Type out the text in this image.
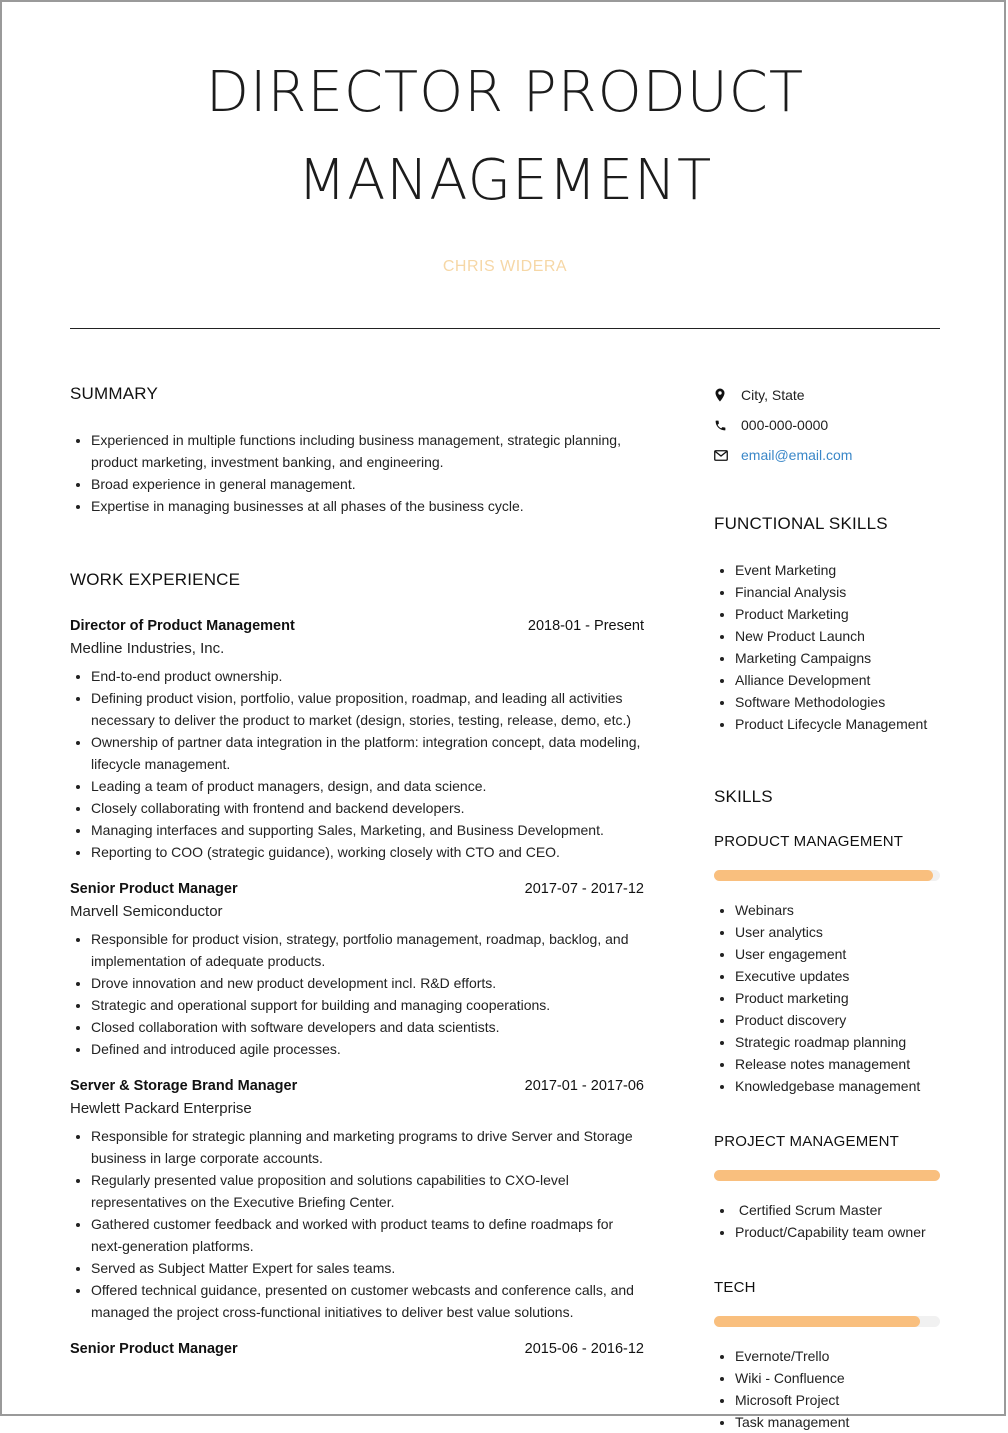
DIRECTOR PRODUCT
MANAGEMENT
CHRIS WIDERA
SUMMARY
• Experienced in multiple functions including business management, strategic planning, product marketing, investment banking, and engineering.
• Broad experience in general management.
• Expertise in managing businesses at all phases of the business cycle.
WORK EXPERIENCE
Director of Product Management	2018-01 - Present
Medline Industries, Inc.
• End-to-end product ownership.
• Defining product vision, portfolio, value proposition, roadmap, and leading all activities necessary to deliver the product to market (design, stories, testing, release, demo, etc.)
• Ownership of partner data integration in the platform: integration concept, data modeling, lifecycle management.
• Leading a team of product managers, design, and data science.
• Closely collaborating with frontend and backend developers.
• Managing interfaces and supporting Sales, Marketing, and Business Development.
• Reporting to COO (strategic guidance), working closely with CTO and CEO.
Senior Product Manager	2017-07 - 2017-12
Marvell Semiconductor
• Responsible for product vision, strategy, portfolio management, roadmap, backlog, and implementation of adequate products.
• Drove innovation and new product development incl. R&D efforts.
• Strategic and operational support for building and managing cooperations.
• Closed collaboration with software developers and data scientists.
• Defined and introduced agile processes.
Server & Storage Brand Manager	2017-01 - 2017-06
Hewlett Packard Enterprise
• Responsible for strategic planning and marketing programs to drive Server and Storage business in large corporate accounts.
• Regularly presented value proposition and solutions capabilities to CXO-level representatives on the Executive Briefing Center.
• Gathered customer feedback and worked with product teams to define roadmaps for next-generation platforms.
• Served as Subject Matter Expert for sales teams.
• Offered technical guidance, presented on customer webcasts and conference calls, and managed the project cross-functional initiatives to deliver best value solutions.
Senior Product Manager	2015-06 - 2016-12
City, State
000-000-0000
email@email.com
FUNCTIONAL SKILLS
• Event Marketing
• Financial Analysis
• Product Marketing
• New Product Launch
• Marketing Campaigns
• Alliance Development
• Software Methodologies
• Product Lifecycle Management
SKILLS
PRODUCT MANAGEMENT
• Webinars
• User analytics
• User engagement
• Executive updates
• Product marketing
• Product discovery
• Strategic roadmap planning
• Release notes management
• Knowledgebase management
PROJECT MANAGEMENT
•  Certified Scrum Master
• Product/Capability team owner
TECH
• Evernote/Trello
• Wiki - Confluence
• Microsoft Project
• Task management
